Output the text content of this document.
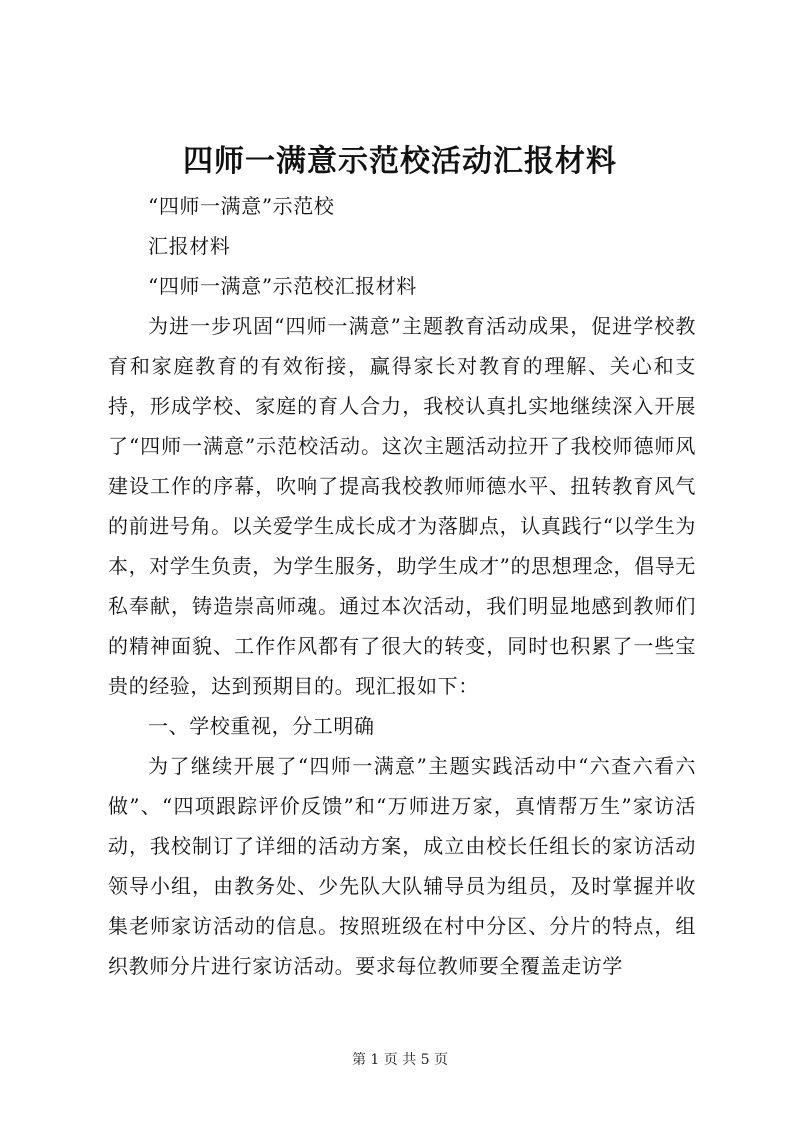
四师一满意示范校活动汇报材料

“四师一满意”示范校

汇报材料

“四师一满意”示范校汇报材料

为进一步巩固“四师一满意”主题教育活动成果，促进学校教育和家庭教育的有效衔接，赢得家长对教育的理解、关心和支持，形成学校、家庭的育人合力，我校认真扎实地继续深入开展了“四师一满意”示范校活动。这次主题活动拉开了我校师德师风建设工作的序幕，吹响了提高我校教师师德水平、扭转教育风气的前进号角。以关爱学生成长成才为落脚点，认真践行“以学生为本，对学生负责，为学生服务，助学生成才”的思想理念，倡导无私奉献，铸造崇高师魂。通过本次活动，我们明显地感到教师们的精神面貌、工作作风都有了很大的转变，同时也积累了一些宝贵的经验，达到预期目的。现汇报如下：

一、学校重视，分工明确

为了继续开展了“四师一满意”主题实践活动中“六查六看六做”、“四项跟踪评价反馈”和“万师进万家，真情帮万生”家访活动，我校制订了详细的活动方案，成立由校长任组长的家访活动领导小组，由教务处、少先队大队辅导员为组员，及时掌握并收集老师家访活动的信息。按照班级在村中分区、分片的特点，组织教师分片进行家访活动。要求每位教师要全覆盖走访学

第 1 页 共 5 页
